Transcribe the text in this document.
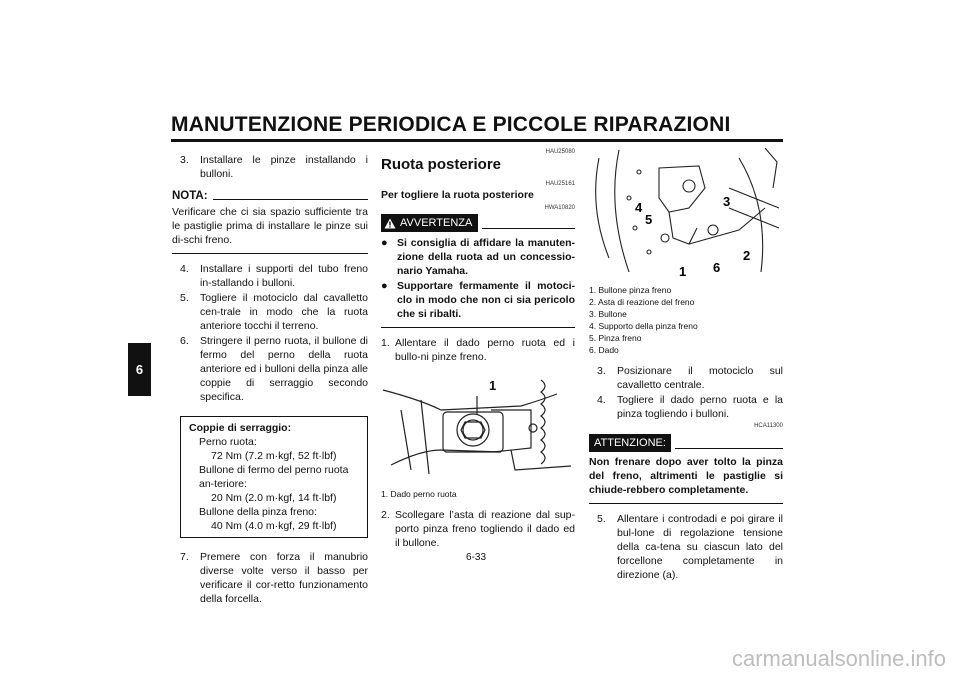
MANUTENZIONE PERIODICA E PICCOLE RIPARAZIONI
6
3.	Installare le pinze installando i bulloni.
NOTA:
Verificare che ci sia spazio sufficiente tra le pastiglie prima di installare le pinze sui di-schi freno.
4.	Installare i supporti del tubo freno in-stallando i bulloni.
5.	Togliere il motociclo dal cavalletto cen-trale in modo che la ruota anteriore tocchi il terreno.
6.	Stringere il perno ruota, il bullone di fermo del perno della ruota anteriore ed i bulloni della pinza alle coppie di serraggio secondo specifica.
Coppie di serraggio:
Perno ruota:
72 Nm (7.2 m·kgf, 52 ft·lbf)
Bullone di fermo del perno ruota an-teriore:
20 Nm (2.0 m·kgf, 14 ft·lbf)
Bullone della pinza freno:
40 Nm (4.0 m·kgf, 29 ft·lbf)
7.	Premere con forza il manubrio diverse volte verso il basso per verificare il cor-retto funzionamento della forcella.
HAU25080
Ruota posteriore
HAU25161
Per togliere la ruota posteriore
HWA10820
AVVERTENZA
● Si consiglia di affidare la manuten-zione della ruota ad un concessio-nario Yamaha.
● Supportare fermamente il motoci-clo in modo che non ci sia pericolo che si ribalti.
1. Allentare il dado perno ruota ed i bullo-ni pinze freno.
1
1. Dado perno ruota
2. Scollegare l’asta di reazione dal sup-porto pinza freno togliendo il dado ed il bullone.
3
4
5
1 6
2
1. Bullone pinza freno
2. Asta di reazione del freno
3. Bullone
4. Supporto della pinza freno
5. Pinza freno
6. Dado
3.	Posizionare il motociclo sul cavalletto centrale.
4.	Togliere il dado perno ruota e la pinza togliendo i bulloni.
HCA11300
ATTENZIONE:
Non frenare dopo aver tolto la pinza del freno, altrimenti le pastiglie si chiude-rebbero completamente.
5.	Allentare i controdadi e poi girare il bul-lone di regolazione tensione della ca-tena su ciascun lato del forcellone completamente in direzione (a).
6-33
carmanualsonline.info
